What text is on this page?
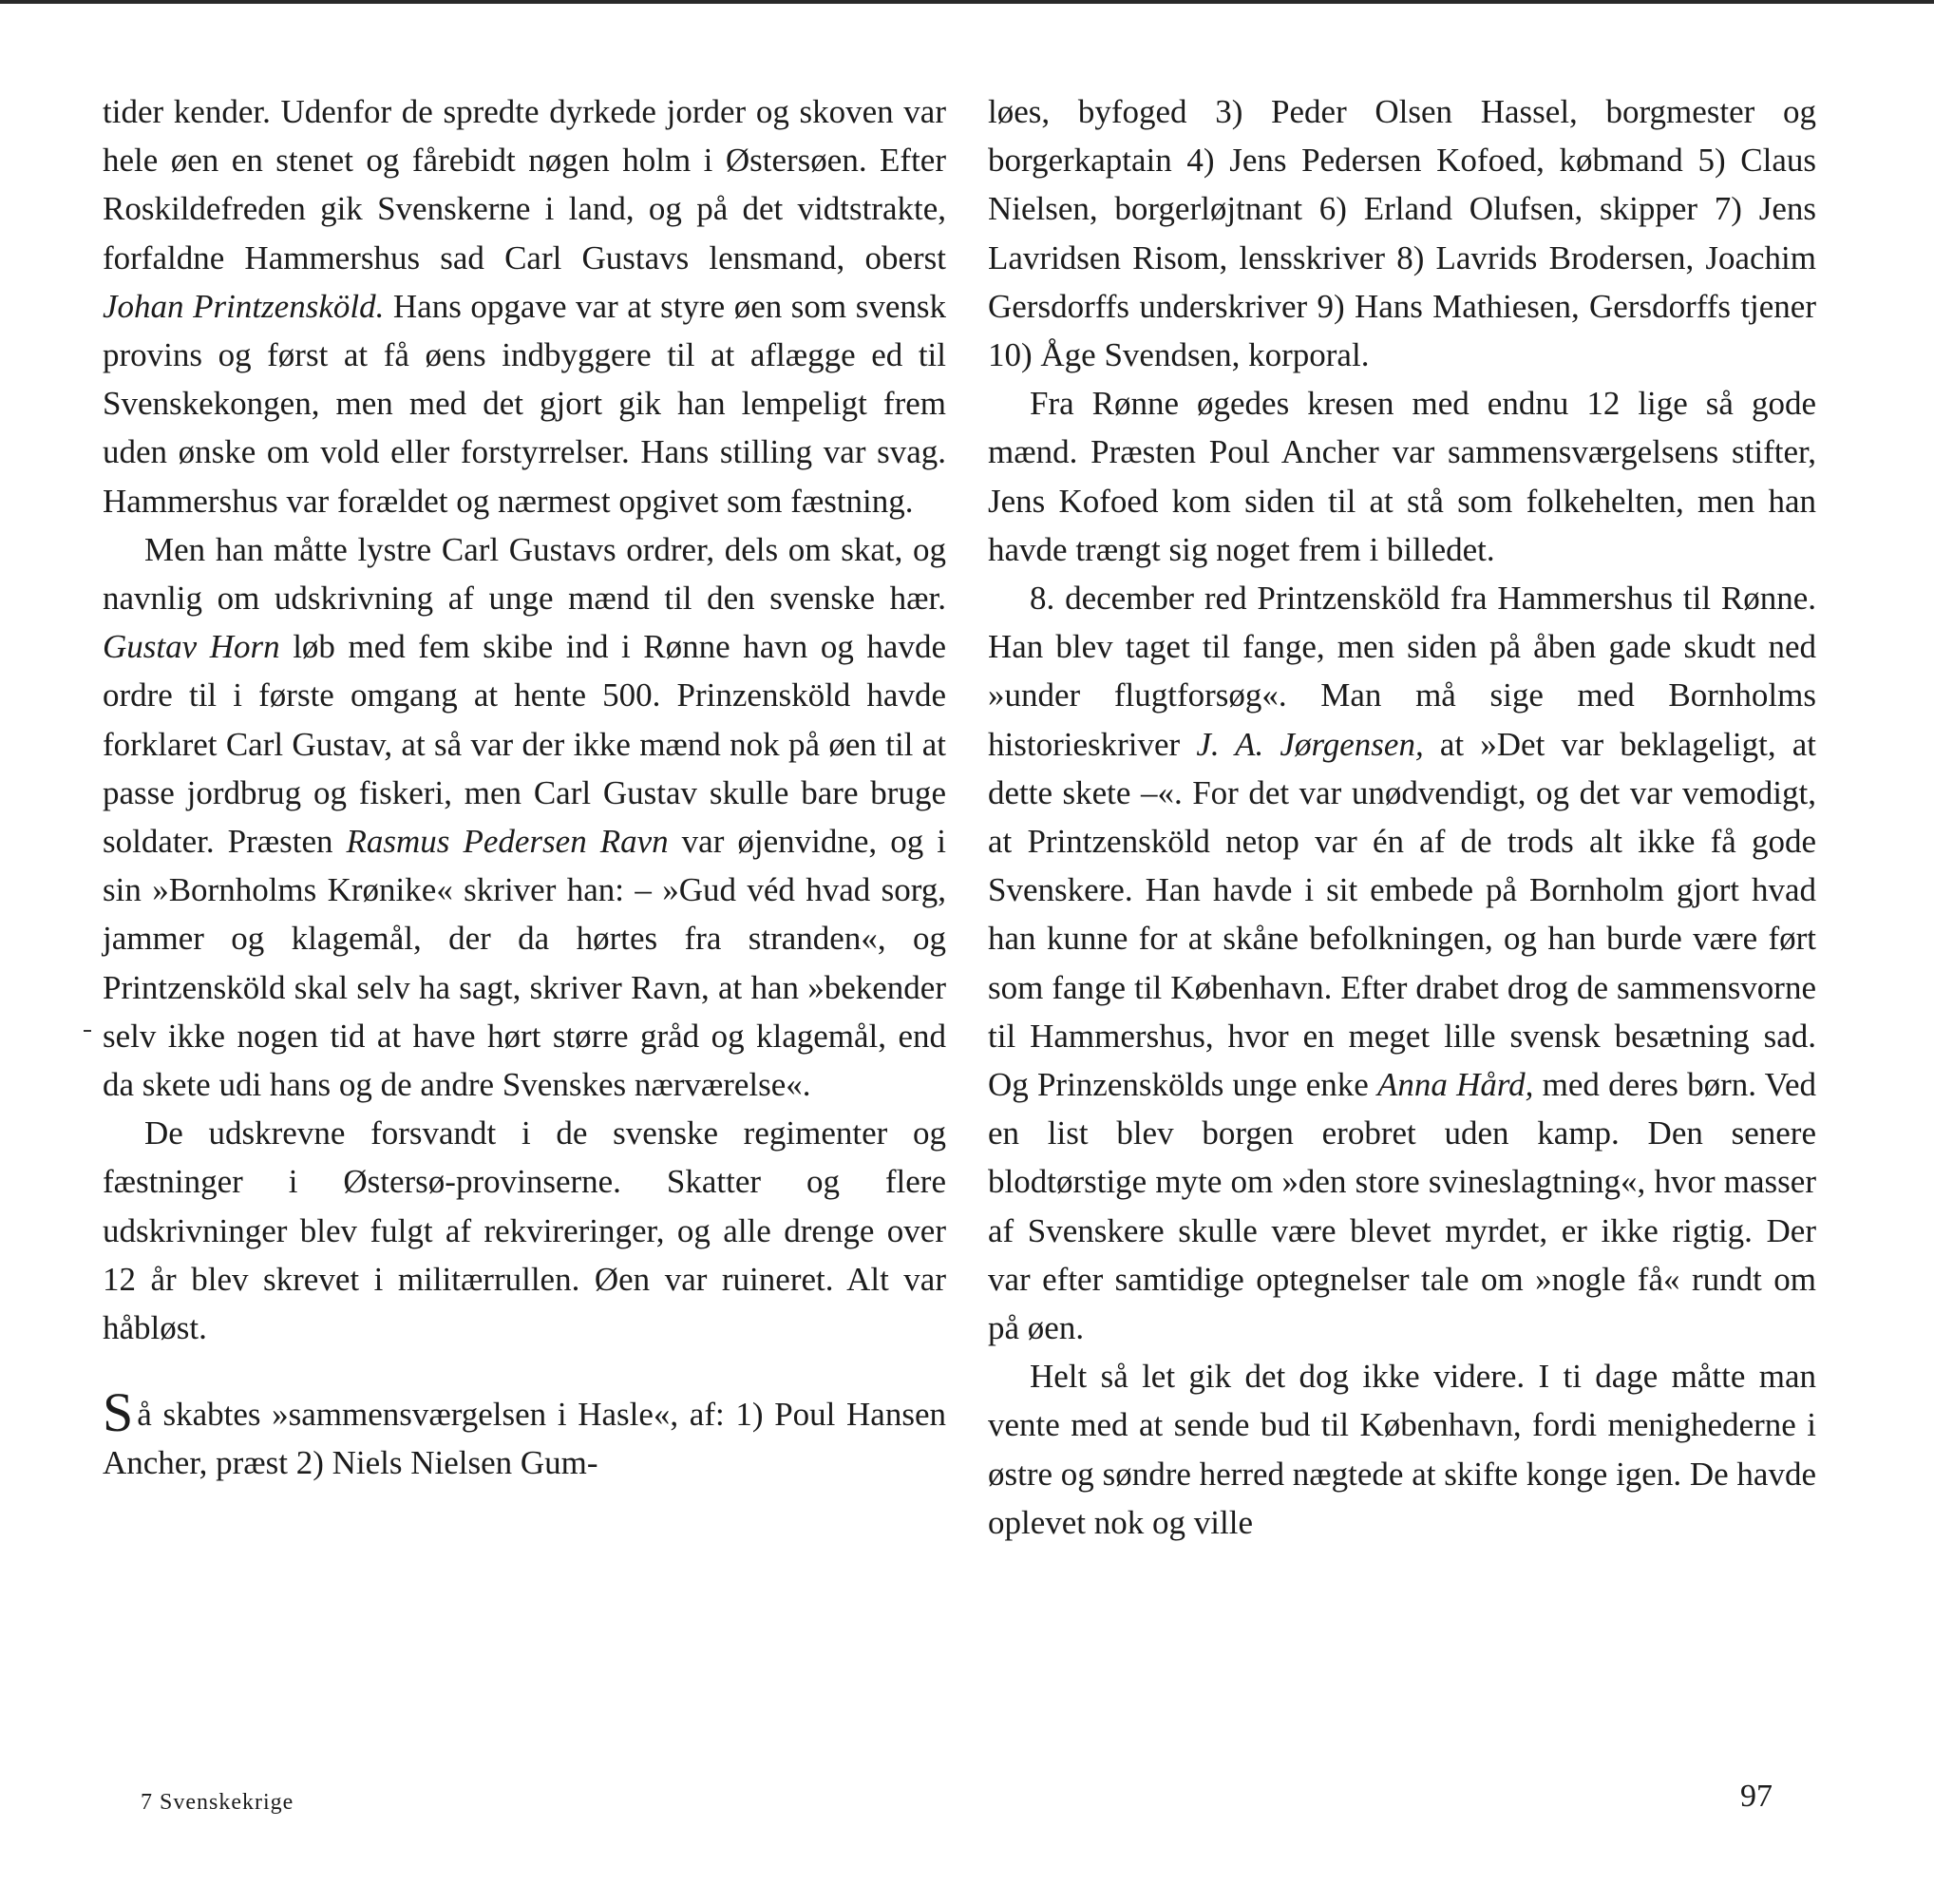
tider kender. Udenfor de spredte dyrkede jorder og skoven var hele øen en stenet og fårebidt nøgen holm i Østersøen. Efter Roskildefreden gik Svenskerne i land, og på det vidtstrakte, forfaldne Hammershus sad Carl Gustavs lensmand, oberst Johan Printzensköld. Hans opgave var at styre øen som svensk provins og først at få øens indbyggere til at aflægge ed til Svenskekongen, men med det gjort gik han lempeligt frem uden ønske om vold eller forstyrrelser. Hans stilling var svag. Hammershus var forældet og nærmest opgivet som fæstning.

Men han måtte lystre Carl Gustavs ordrer, dels om skat, og navnlig om udskrivning af unge mænd til den svenske hær. Gustav Horn løb med fem skibe ind i Rønne havn og havde ordre til i første omgang at hente 500. Prinzensköld havde forklaret Carl Gustav, at så var der ikke mænd nok på øen til at passe jordbrug og fiskeri, men Carl Gustav skulle bare bruge soldater. Præsten Rasmus Pedersen Ravn var øjenvidne, og i sin »Bornholms Krønike« skriver han: – »Gud véd hvad sorg, jammer og klagemål, der da hørtes fra stranden«, og Printzensköld skal selv ha sagt, skriver Ravn, at han »bekender selv ikke nogen tid at have hørt større gråd og klagemål, end da skete udi hans og de andre Svenskes nærværelse«.

De udskrevne forsvandt i de svenske regimenter og fæstninger i Østersø-provinserne. Skatter og flere udskrivninger blev fulgt af rekvireringer, og alle drenge over 12 år blev skrevet i militærrullen. Øen var ruineret. Alt var håbløst.

Så skabtes »sammensværgelsen i Hasle«, af: 1) Poul Hansen Ancher, præst 2) Niels Nielsen Gum-

løes, byfoged 3) Peder Olsen Hassel, borgmester og borgerkaptain 4) Jens Pedersen Kofoed, købmand 5) Claus Nielsen, borgerløjtnant 6) Erland Olufsen, skipper 7) Jens Lavridsen Risom, lensskriver 8) Lavrids Brodersen, Joachim Gersdorffs underskriver 9) Hans Mathiesen, Gersdorffs tjener 10) Åge Svendsen, korporal.

Fra Rønne øgedes kresen med endnu 12 lige så gode mænd. Præsten Poul Ancher var sammensværgelsens stifter, Jens Kofoed kom siden til at stå som folkehelten, men han havde trængt sig noget frem i billedet.

8. december red Printzensköld fra Hammershus til Rønne. Han blev taget til fange, men siden på åben gade skudt ned »under flugtforsøg«. Man må sige med Bornholms historieskriver J. A. Jørgensen, at »Det var beklageligt, at dette skete –«. For det var unødvendigt, og det var vemodigt, at Printzensköld netop var én af de trods alt ikke få gode Svenskere. Han havde i sit embede på Bornholm gjort hvad han kunne for at skåne befolkningen, og han burde være ført som fange til København. Efter drabet drog de sammensvorne til Hammershus, hvor en meget lille svensk besætning sad. Og Prinzenskölds unge enke Anna Hård, med deres børn. Ved en list blev borgen erobret uden kamp. Den senere blodtørstige myte om »den store svineslagtning«, hvor masser af Svenskere skulle være blevet myrdet, er ikke rigtig. Der var efter samtidige optegnelser tale om »nogle få« rundt om på øen.

Helt så let gik det dog ikke videre. I ti dage måtte man vente med at sende bud til København, fordi menighederne i østre og søndre herred nægtede at skifte konge igen. De havde oplevet nok og ville

7 Svenskekrige	97
